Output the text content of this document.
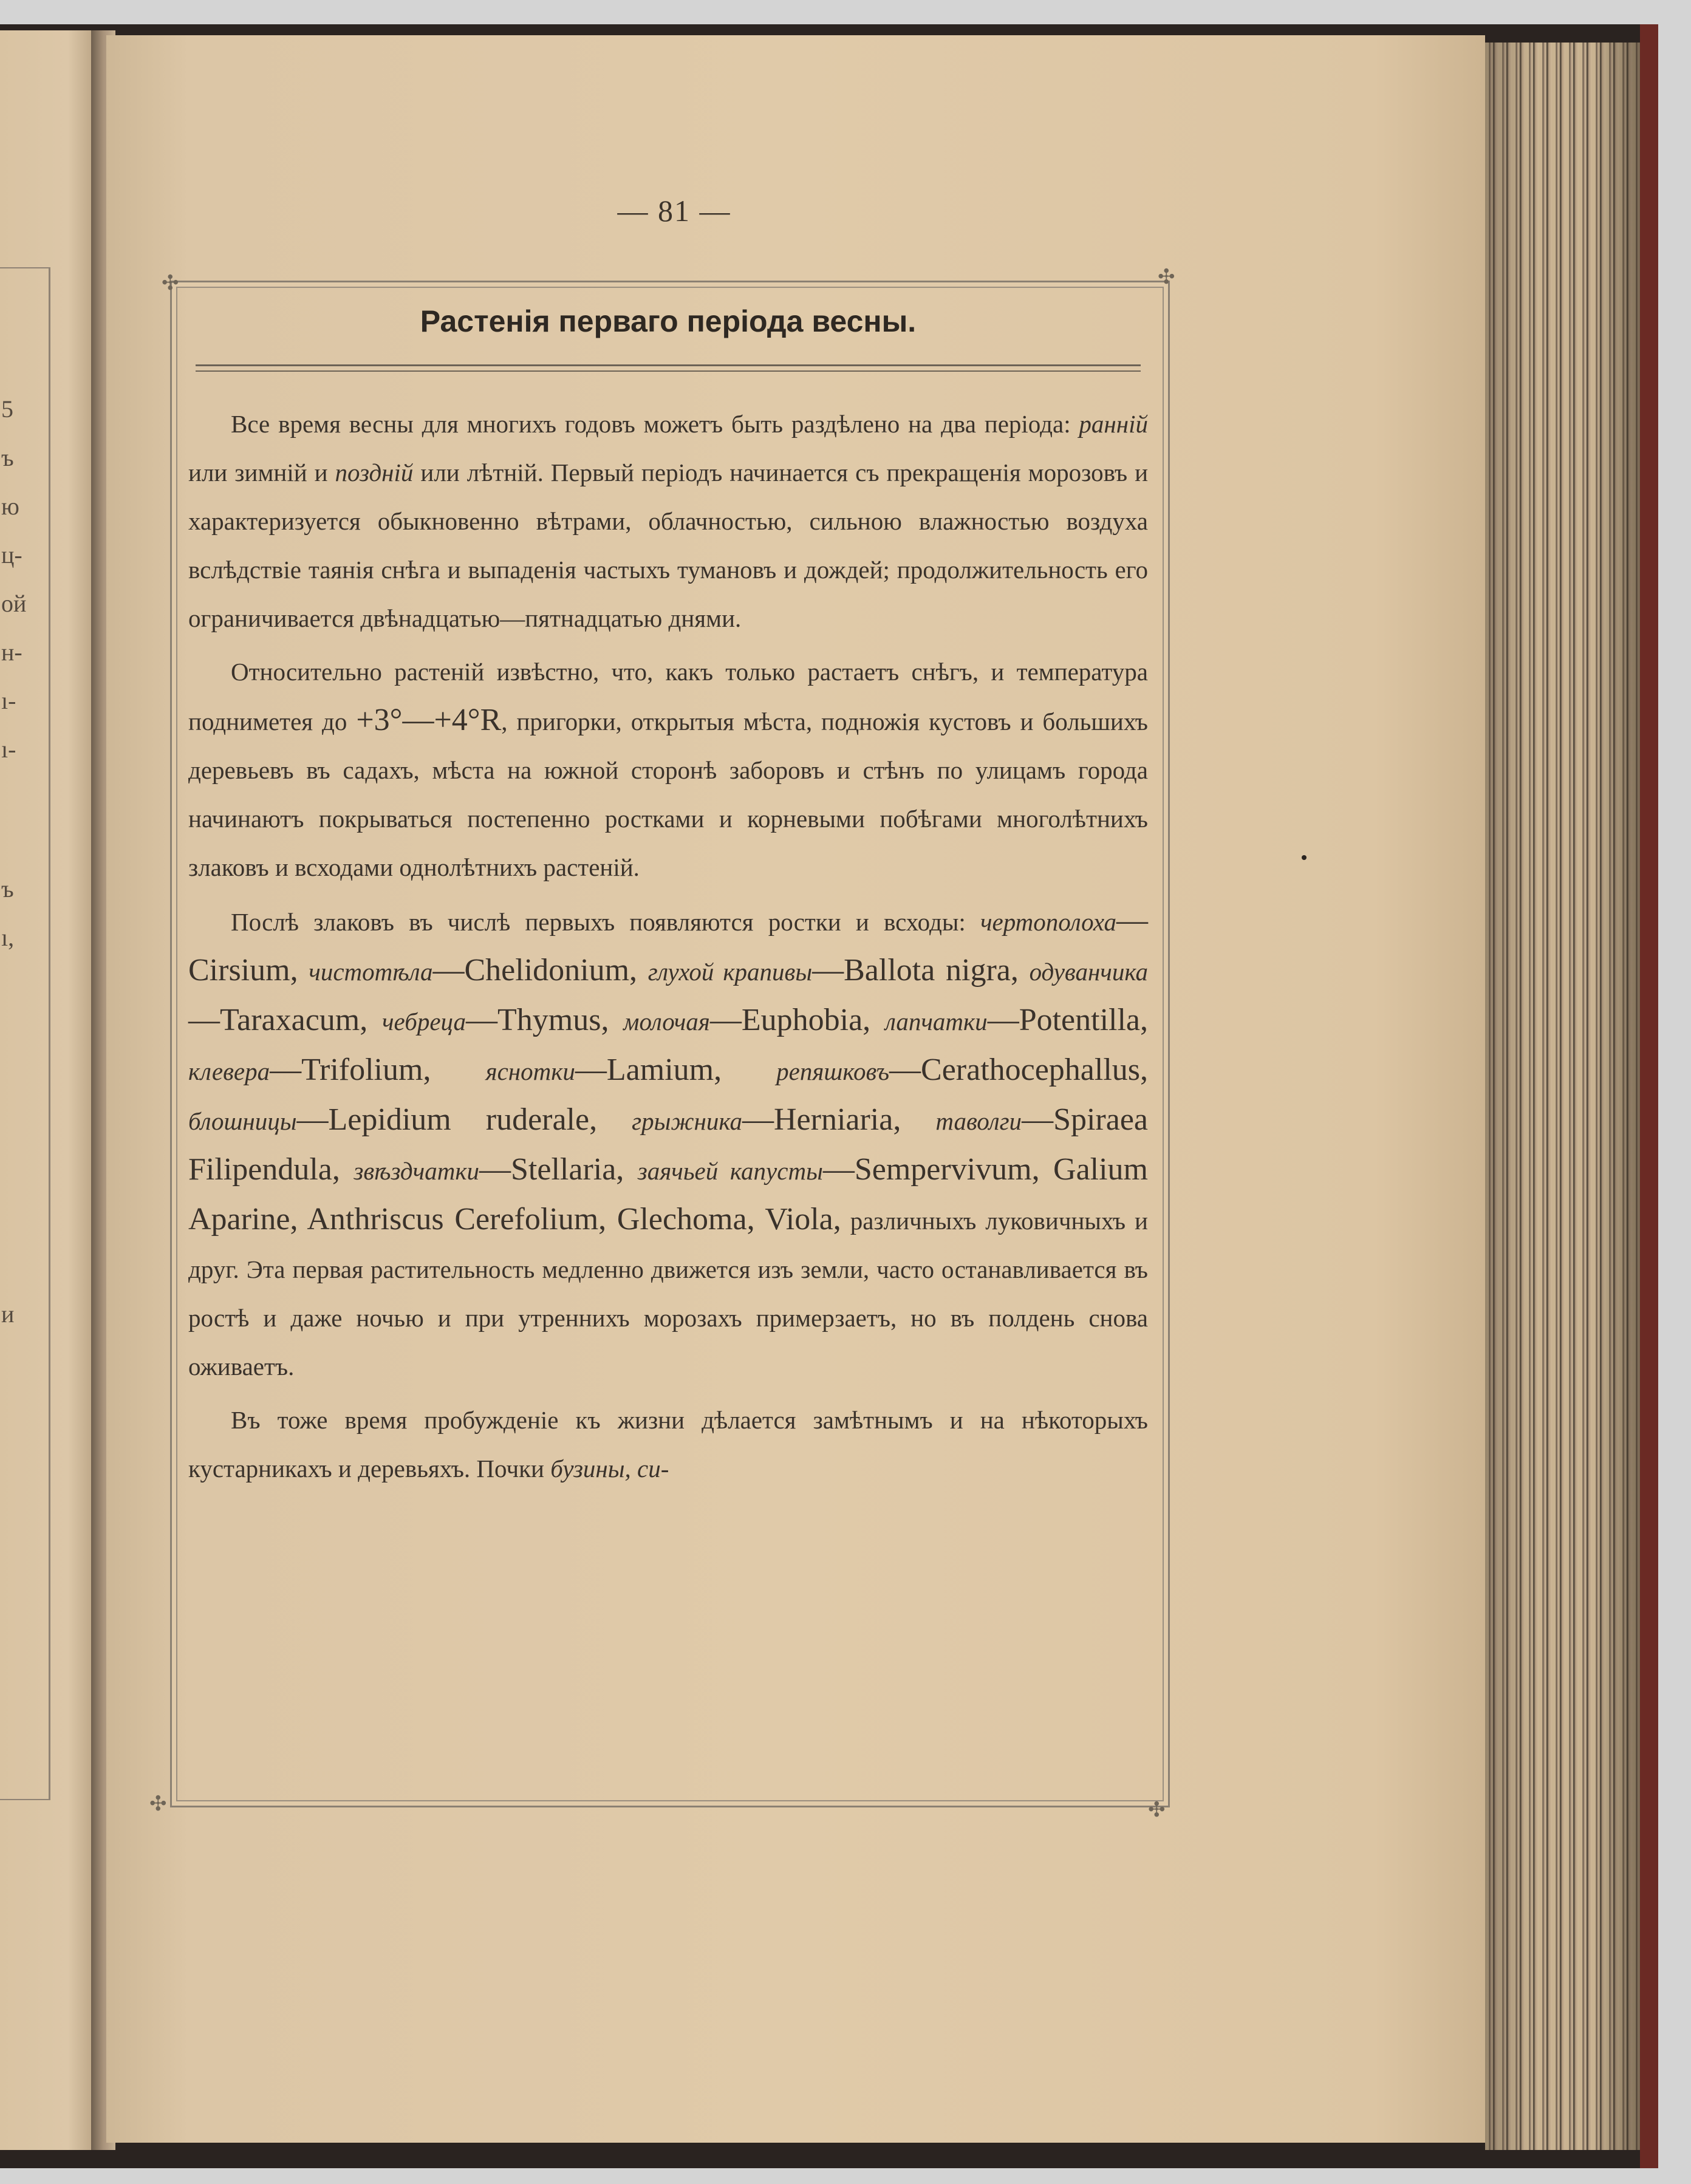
5
ъ
ю
ц-
ой
н-
ı-
ı-
ъ
ı,
и
— 81 —
✣	✣
✣	✣
Растенія перваго періода весны.

Все время весны для многихъ годовъ можетъ быть раздѣлено на два періода: ранній или зимній и поздній или лѣтній. Первый періодъ начинается съ прекращенія морозовъ и характеризуется обыкновенно вѣтрами, облачностью, сильною влажностью воздуха вслѣдствіе таянія снѣга и выпаденія частыхъ тумановъ и дождей; продолжительность его ограничивается двѣнадцатью—пятнадцатью днями.

Относительно растеній извѣстно, что, какъ только растаетъ снѣгъ, и температура подниметея до +3°—+4°R, пригорки, открытыя мѣста, подножія кустовъ и большихъ деревьевъ въ садахъ, мѣста на южной сторонѣ заборовъ и стѣнъ по улицамъ города начинаютъ покрываться постепенно ростками и корневыми побѣгами многолѣтнихъ злаковъ и всходами однолѣтнихъ растеній.

Послѣ злаковъ въ числѣ первыхъ появляются ростки и всходы: чертополоха—Cirsium, чистотѣла—Chelidonium, глухой крапивы—Ballota nigra, одуванчика—Taraxacum, чебреца—Thymus, молочая—Euphobia, лапчатки—Potentilla, клевера—Trifolium, яснотки—Lamium, репяшковъ—Cerathocephallus, блошницы—Lepidium ruderale, грыжника—Herniaria, таволги—Spiraea Filipendula, звѣздчатки—Stellaria, заячьей капусты—Sempervivum, Galium Aparine, Anthriscus Cerefolium, Glechoma, Viola, различныхъ луковичныхъ и друг. Эта первая растительность медленно движется изъ земли, часто останавливается въ ростѣ и даже ночью и при утреннихъ морозахъ примерзаетъ, но въ полдень снова оживаетъ.

Въ тоже время пробужденіе къ жизни дѣлается замѣтнымъ и на нѣкоторыхъ кустарникахъ и деревьяхъ. Почки бузины, си-
